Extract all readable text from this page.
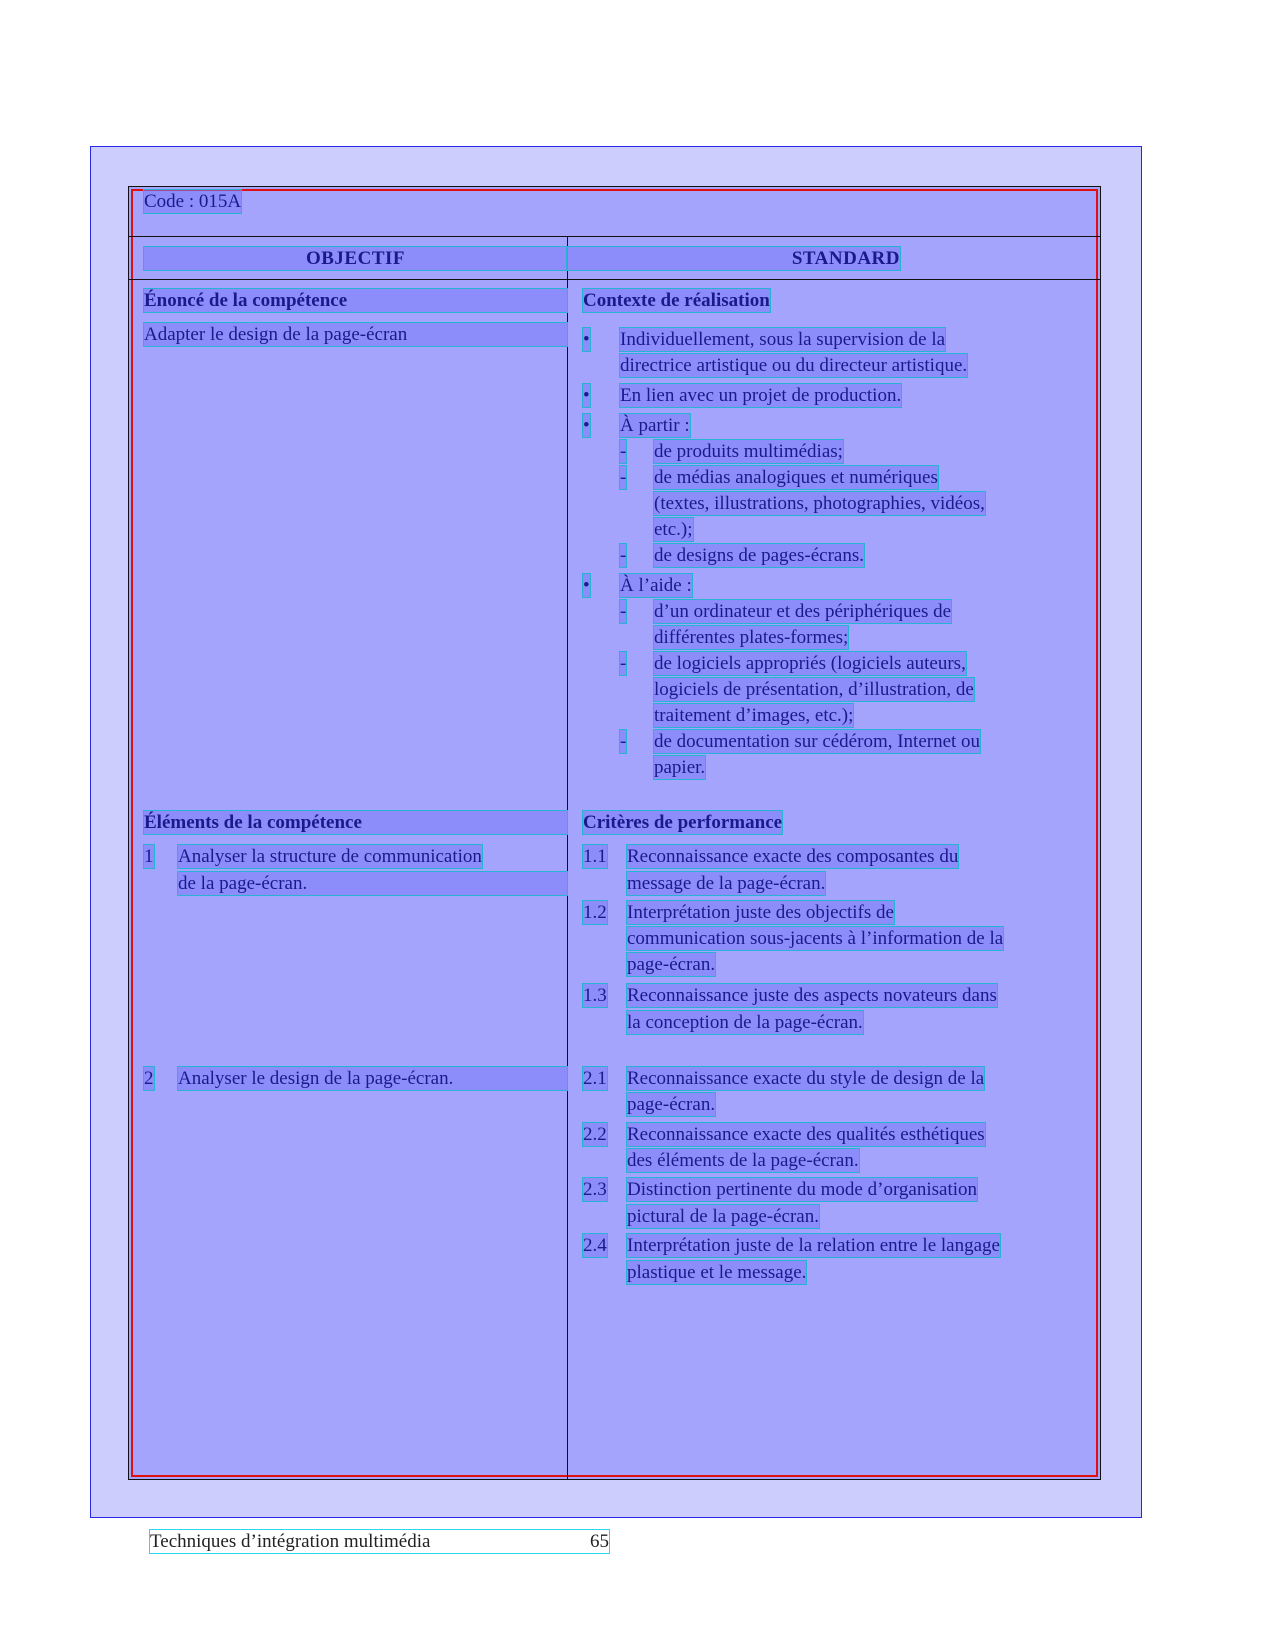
Code : 015A
OBJECTIF	STANDARD
Énoncé de la compétence
Adapter le design de la page-écran
Contexte de réalisation
• Individuellement, sous la supervision de la
directrice artistique ou du directeur artistique.
• En lien avec un projet de production.
• À partir :
- de produits multimédias;
- de médias analogiques et numériques
(textes, illustrations, photographies, vidéos,
etc.);
- de designs de pages-écrans.
• À l’aide :
- d’un ordinateur et des périphériques de
différentes plates-formes;
- de logiciels appropriés (logiciels auteurs,
logiciels de présentation, d’illustration, de
traitement d’images, etc.);
- de documentation sur cédérom, Internet ou
papier.
Éléments de la compétence
1 Analyser la structure de communication
de la page-écran.
2 Analyser le design de la page-écran.
Critères de performance
1.1 Reconnaissance exacte des composantes du
message de la page-écran.
1.2 Interprétation juste des objectifs de
communication sous-jacents à l’information de la
page-écran.
1.3 Reconnaissance juste des aspects novateurs dans
la conception de la page-écran.
2.1 Reconnaissance exacte du style de design de la
page-écran.
2.2 Reconnaissance exacte des qualités esthétiques
des éléments de la page-écran.
2.3 Distinction pertinente du mode d’organisation
pictural de la page-écran.
2.4 Interprétation juste de la relation entre le langage
plastique et le message.
Techniques d’intégration multimédia	65
